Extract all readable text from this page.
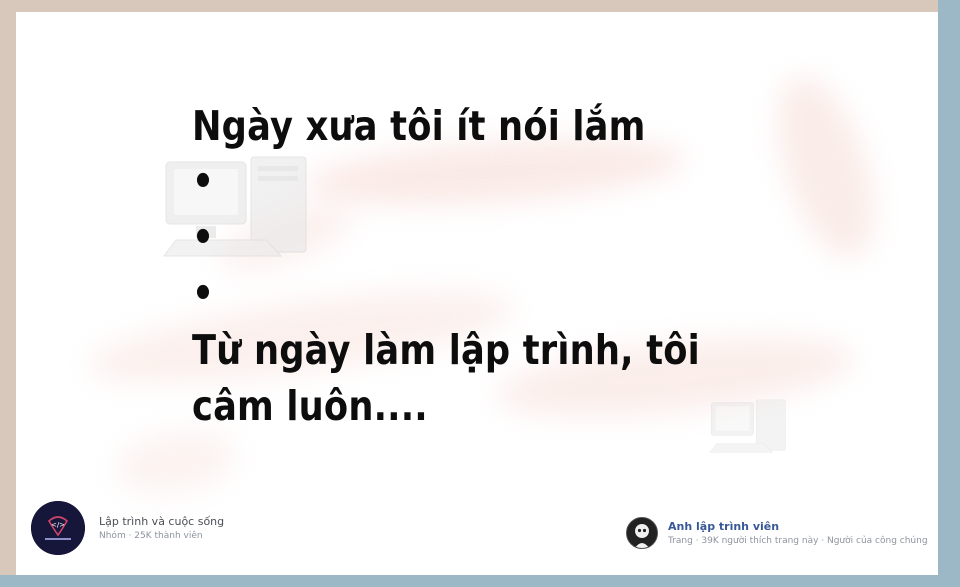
Ngày xưa tôi ít nói lắm
•
•
•
Từ ngày làm lập trình, tôi
câm luôn....
</>	Lập trình và cuộc sống
Nhóm · 25K thành viên
Anh lập trình viên
Trang · 39K người thích trang này · Người của công chúng
